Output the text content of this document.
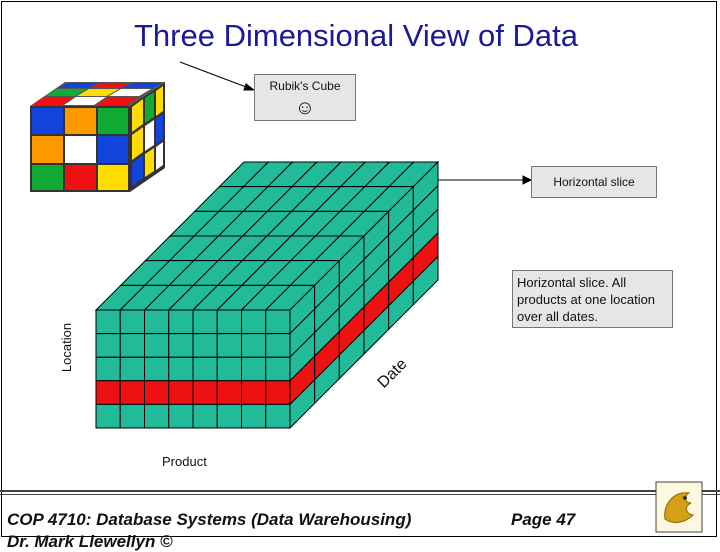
Three Dimensional View of Data
Rubik's Cube
☺
Horizontal slice
Horizontal slice. All products at one location over all dates.
Location
Date
Product
COP 4710: Database Systems (Data Warehousing)	Page 47
Dr. Mark Llewellyn ©
